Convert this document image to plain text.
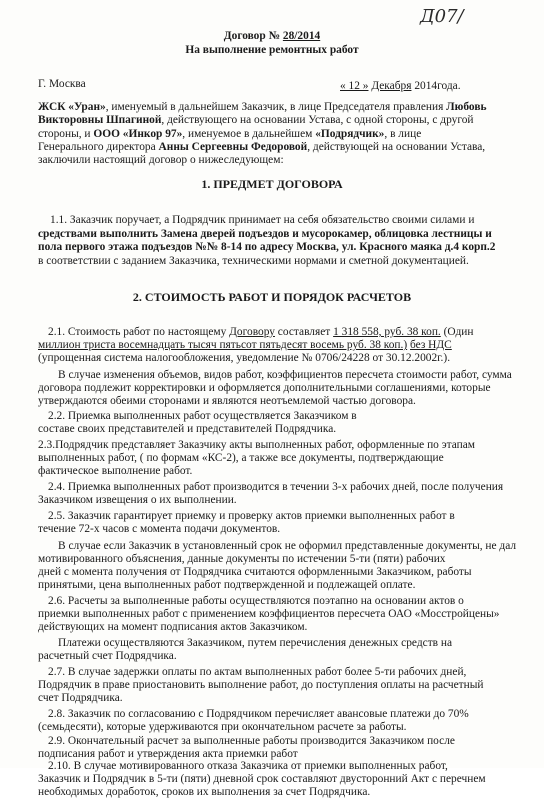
Д07/
Договор № 28/2014
На выполнение ремонтных работ
Г. Москва	« 12 » Декабря 2014года.
ЖСК «Уран», именуемый в дальнейшем Заказчик, в лице Председателя правления Любовь
Викторовны Шпагиной, действующего на основании Устава, с одной стороны, с другой
стороны, и ООО «Инкор 97», именуемое в дальнейшем «Подрядчик», в лице
Генерального директора Анны Сергеевны Федоровой, действующей на основании Устава,
заключили настоящий договор о нижеследующем:
1. ПРЕДМЕТ ДОГОВОРА
1.1. Заказчик поручает, а Подрядчик принимает на себя обязательство своими силами и
средствами выполнить Замена дверей подъездов и мусорокамер, облицовка лестницы и
пола первого этажа подъездов №№ 8-14 по адресу Москва, ул. Красного маяка д.4 корп.2
в соответствии с заданием Заказчика, техническими нормами и сметной документацией.
2. СТОИМОСТЬ РАБОТ И ПОРЯДОК РАСЧЕТОВ
2.1. Стоимость работ по настоящему Договору составляет 1 318 558, руб. 38 коп. (Один
миллион триста восемнадцать тысяч пятьсот пятьдесят восемь руб. 38 коп.) без НДС
(упрощенная система налогообложения, уведомление № 0706/24228 от 30.12.2002г.).
В случае изменения объемов, видов работ, коэффициентов пересчета стоимости работ, сумма
договора подлежит корректировки и оформляется дополнительными соглашениями, которые
утверждаются обеими сторонами и являются неотъемлемой частью договора.
2.2. Приемка выполненных работ осуществляется Заказчиком в
составе своих представителей и представителей Подрядчика.
2.3.Подрядчик представляет Заказчику акты выполненных работ, оформленные по этапам
выполненных работ, ( по формам «КС-2), а также все документы, подтверждающие
фактическое выполнение работ.
2.4. Приемка выполненных работ производится в течении 3-х рабочих дней, после получения
Заказчиком извещения о их выполнении.
2.5. Заказчик гарантирует приемку и проверку актов приемки выполненных работ в
течение 72-х часов с момента подачи документов.
В случае если Заказчик в установленный срок не оформил представленные документы, не дал
мотивированного объяснения, данные документы по истечении 5-ти (пяти) рабочих
дней с момента получения от Подрядчика считаются оформленными Заказчиком, работы
принятыми, цена выполненных работ подтвержденной и подлежащей оплате.
2.6. Расчеты за выполненные работы осуществляются поэтапно на основании актов о
приемки выполненных работ с применением коэффициентов пересчета ОАО «Мосстройцены»
действующих на момент подписания актов Заказчиком.
Платежи осуществляются Заказчиком, путем перечисления денежных средств на
расчетный счет Подрядчика.
2.7. В случае задержки оплаты по актам выполненных работ более 5-ти рабочих дней,
Подрядчик в праве приостановить выполнение работ, до поступления оплаты на расчетный
счет Подрядчика.
2.8. Заказчик по согласованию с Подрядчиком перечисляет авансовые платежи до 70%
(семьдесяти), которые удерживаются при окончательном расчете за работы.
2.9. Окончательный расчет за выполненные работы производится Заказчиком после
подписания работ и утверждения акта приемки работ
2.10. В случае мотивированного отказа Заказчика от приемки выполненных работ,
Заказчик и Подрядчик в 5-ти (пяти) дневной срок составляют двусторонний Акт с перечнем
необходимых доработок, сроков их выполнения за счет Подрядчика.
